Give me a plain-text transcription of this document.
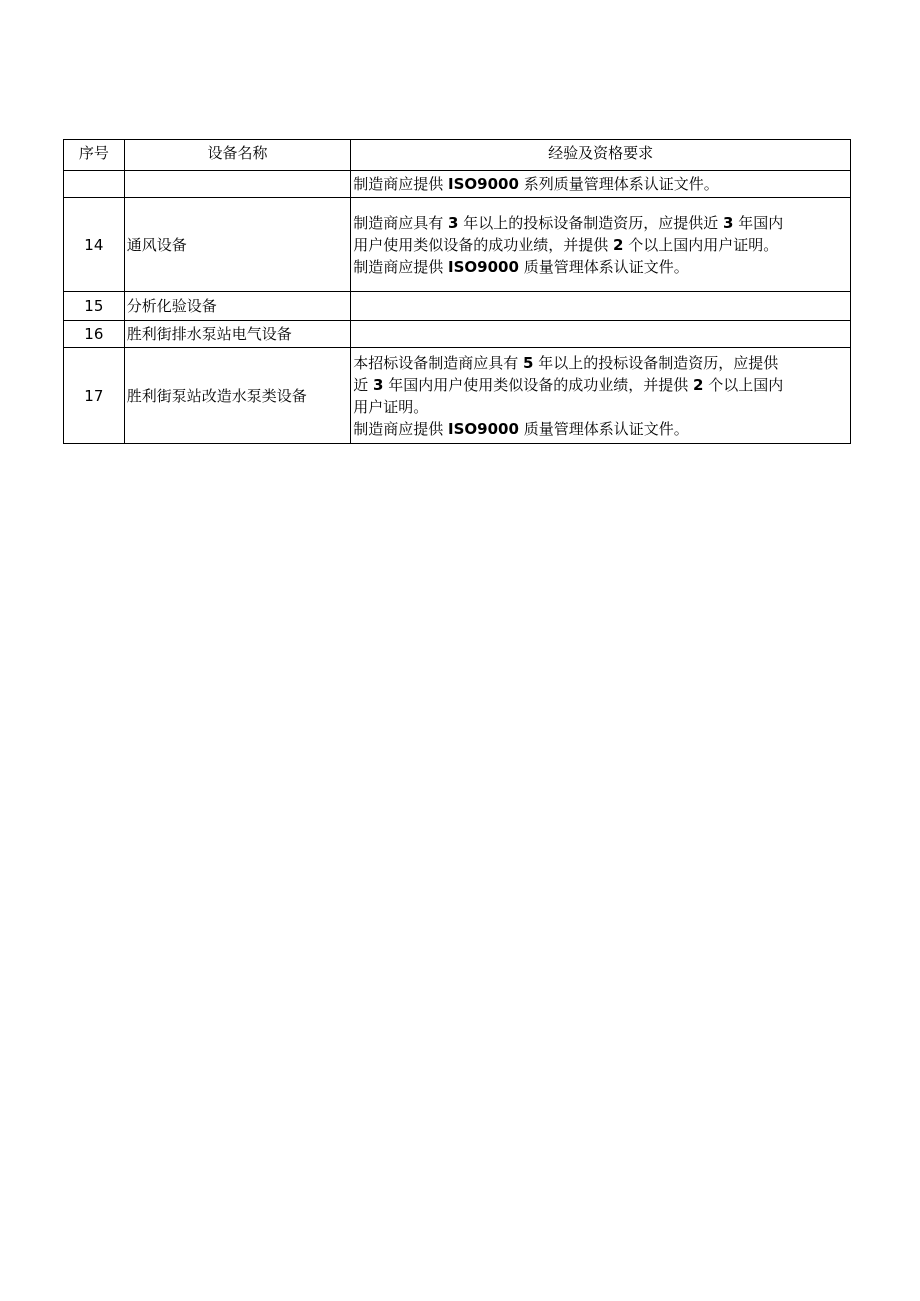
序号	设备名称	经验及资格要求

		制造商应提供 ISO9000 系列质量管理体系认证文件。

14	通风设备	制造商应具有 3 年以上的投标设备制造资历，应提供近 3 年国内
用户使用类似设备的成功业绩，并提供 2 个以上国内用户证明。
制造商应提供 ISO9000 质量管理体系认证文件。

15	分析化验设备	
16	胜利街排水泵站电气设备	
17	胜利街泵站改造水泵类设备	本招标设备制造商应具有 5 年以上的投标设备制造资历，应提供
近 3 年国内用户使用类似设备的成功业绩，并提供 2 个以上国内
用户证明。
制造商应提供 ISO9000 质量管理体系认证文件。
